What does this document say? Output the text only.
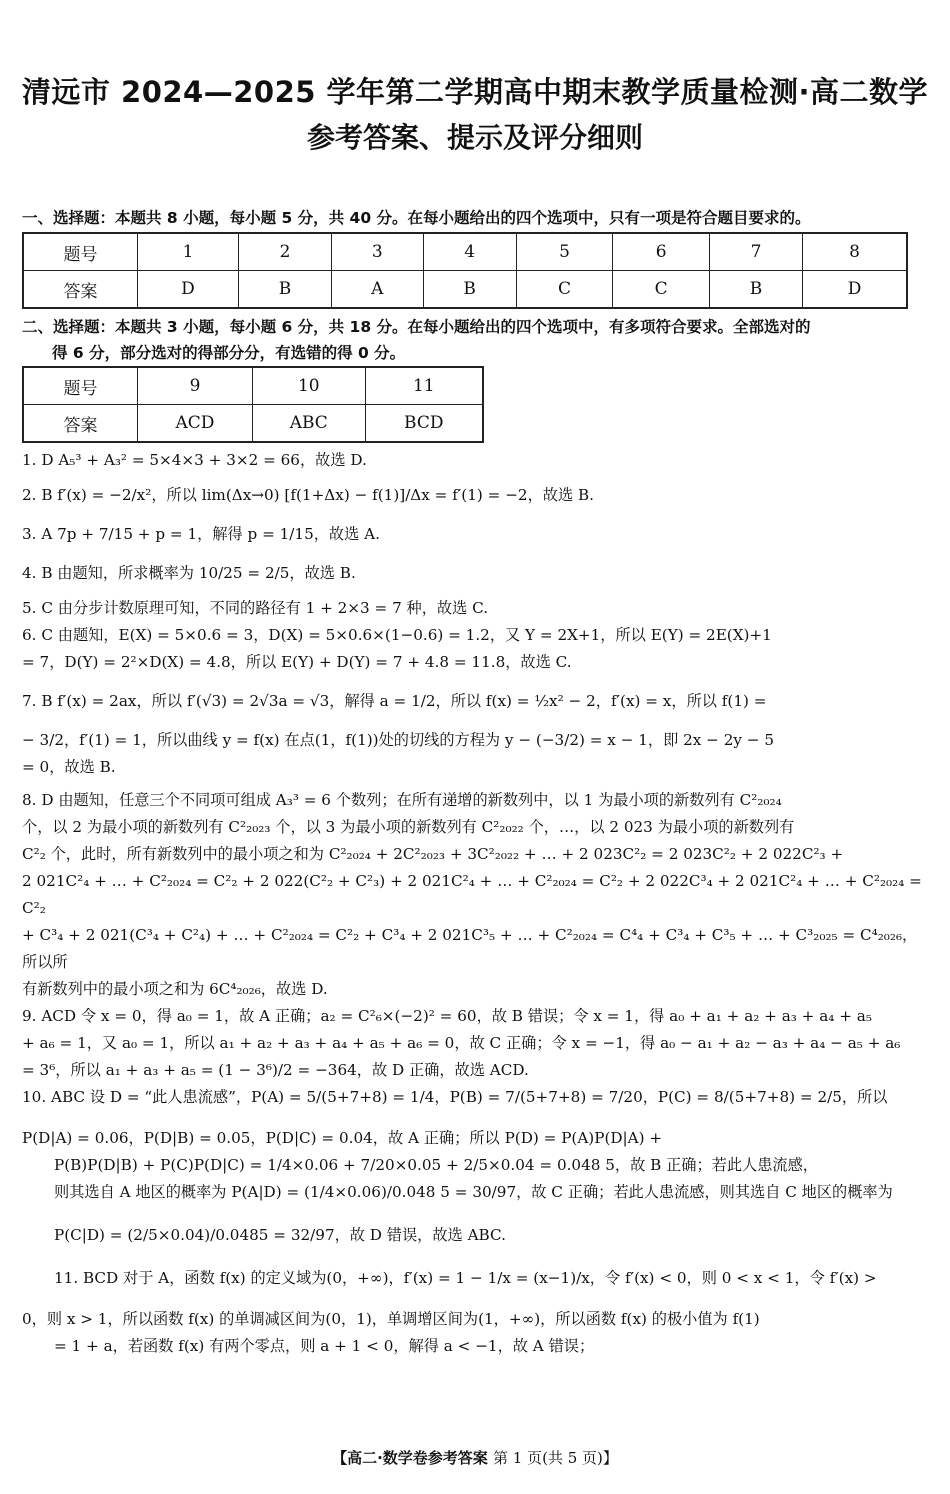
清远市 2024—2025 学年第二学期高中期末教学质量检测·高二数学
参考答案、提示及评分细则
一、选择题：本题共 8 小题，每小题 5 分，共 40 分。在每小题给出的四个选项中，只有一项是符合题目要求的。
题号	1	2	3	4	5	6	7	8
答案	D	B	A	B	C	C	B	D
二、选择题：本题共 3 小题，每小题 6 分，共 18 分。在每小题给出的四个选项中，有多项符合要求。全部选对的
得 6 分，部分选对的得部分分，有选错的得 0 分。
题号	9	10	11
答案	ACD	ABC	BCD
1. D A₅³ + A₃² = 5×4×3 + 3×2 = 66，故选 D.
2. B f′(x) = −2/x²，所以 lim(Δx→0) [f(1+Δx) − f(1)]/Δx = f′(1) = −2，故选 B.
3. A 7p + 7/15 + p = 1，解得 p = 1/15，故选 A.
4. B 由题知，所求概率为 10/25 = 2/5，故选 B.
5. C 由分步计数原理可知，不同的路径有 1 + 2×3 = 7 种，故选 C.
6. C 由题知，E(X) = 5×0.6 = 3，D(X) = 5×0.6×(1−0.6) = 1.2，又 Y = 2X+1，所以 E(Y) = 2E(X)+1
= 7，D(Y) = 2²×D(X) = 4.8，所以 E(Y) + D(Y) = 7 + 4.8 = 11.8，故选 C.
7. B f′(x) = 2ax，所以 f′(√3) = 2√3a = √3，解得 a = 1/2，所以 f(x) = ½x² − 2，f′(x) = x，所以 f(1) =
− 3/2，f′(1) = 1，所以曲线 y = f(x) 在点(1，f(1))处的切线的方程为 y − (−3/2) = x − 1，即 2x − 2y − 5
= 0，故选 B.
8. D 由题知，任意三个不同项可组成 A₃³ = 6 个数列；在所有递增的新数列中，以 1 为最小项的新数列有 C²₂₀₂₄
个，以 2 为最小项的新数列有 C²₂₀₂₃ 个，以 3 为最小项的新数列有 C²₂₀₂₂ 个，…，以 2 023 为最小项的新数列有
C²₂ 个，此时，所有新数列中的最小项之和为 C²₂₀₂₄ + 2C²₂₀₂₃ + 3C²₂₀₂₂ + … + 2 023C²₂ = 2 023C²₂ + 2 022C²₃ +
2 021C²₄ + … + C²₂₀₂₄ = C²₂ + 2 022(C²₂ + C²₃) + 2 021C²₄ + … + C²₂₀₂₄ = C²₂ + 2 022C³₄ + 2 021C²₄ + … + C²₂₀₂₄ = C²₂
+ C³₄ + 2 021(C³₄ + C²₄) + … + C²₂₀₂₄ = C²₂ + C³₄ + 2 021C³₅ + … + C²₂₀₂₄ = C⁴₄ + C³₄ + C³₅ + … + C³₂₀₂₅ = C⁴₂₀₂₆，所以所
有新数列中的最小项之和为 6C⁴₂₀₂₆，故选 D.
9. ACD 令 x = 0，得 a₀ = 1，故 A 正确；a₂ = C²₆×(−2)² = 60，故 B 错误；令 x = 1，得 a₀ + a₁ + a₂ + a₃ + a₄ + a₅
+ a₆ = 1，又 a₀ = 1，所以 a₁ + a₂ + a₃ + a₄ + a₅ + a₆ = 0，故 C 正确；令 x = −1，得 a₀ − a₁ + a₂ − a₃ + a₄ − a₅ + a₆
= 3⁶，所以 a₁ + a₃ + a₅ = (1 − 3⁶)/2 = −364，故 D 正确，故选 ACD.
10. ABC 设 D = “此人患流感”，P(A) = 5/(5+7+8) = 1/4，P(B) = 7/(5+7+8) = 7/20，P(C) = 8/(5+7+8) = 2/5，所以
P(D|A) = 0.06，P(D|B) = 0.05，P(D|C) = 0.04，故 A 正确；所以 P(D) = P(A)P(D|A) +
P(B)P(D|B) + P(C)P(D|C) = 1/4×0.06 + 7/20×0.05 + 2/5×0.04 = 0.048 5，故 B 正确；若此人患流感，
则其选自 A 地区的概率为 P(A|D) = (1/4×0.06)/0.048 5 = 30/97，故 C 正确；若此人患流感，则其选自 C 地区的概率为
P(C|D) = (2/5×0.04)/0.0485 = 32/97，故 D 错误，故选 ABC.
11. BCD 对于 A，函数 f(x) 的定义域为(0，+∞)，f′(x) = 1 − 1/x = (x−1)/x，令 f′(x) < 0，则 0 < x < 1，令 f′(x) >
0，则 x > 1，所以函数 f(x) 的单调减区间为(0，1)，单调增区间为(1，+∞)，所以函数 f(x) 的极小值为 f(1)
= 1 + a，若函数 f(x) 有两个零点，则 a + 1 < 0，解得 a < −1，故 A 错误；
【高二·数学卷参考答案 第 1 页(共 5 页)】
